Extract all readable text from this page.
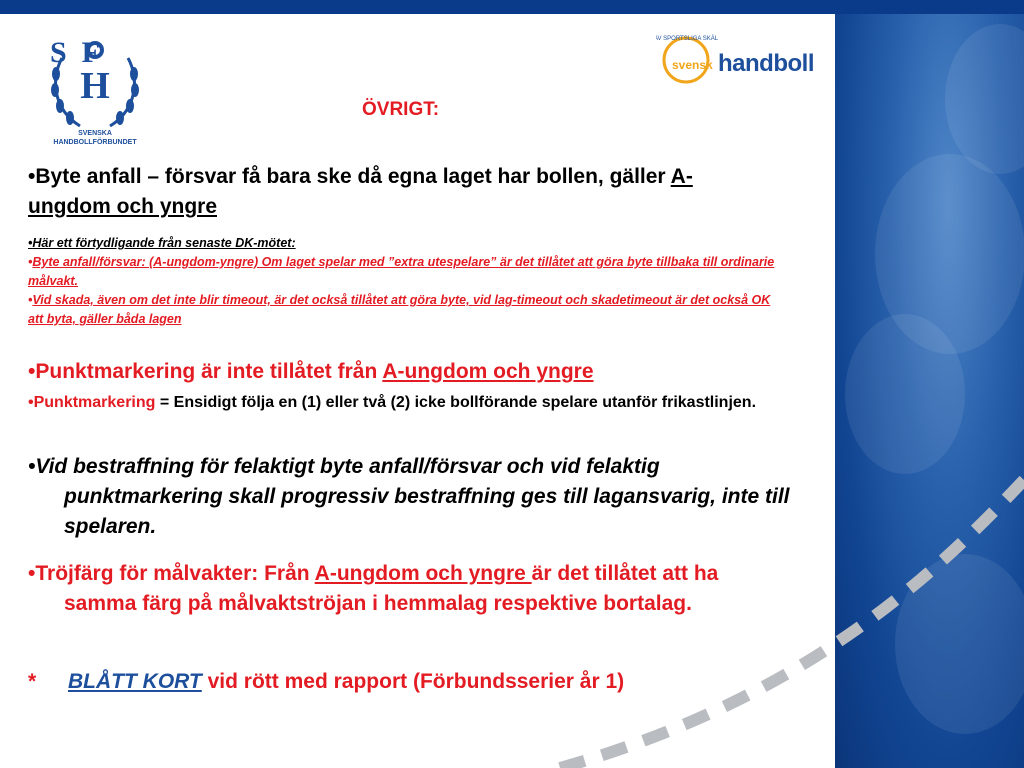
H
S  F
SVENSKA
HANDBOLLFÖRBUNDET
AV SPORTSLIGA SKÄL
svensk handboll
ÖVRIGT:

•Byte anfall – försvar få bara ske då egna laget har bollen, gäller A-ungdom och yngre

•Här ett förtydligande från senaste DK-mötet:

•Byte anfall/försvar: (A-ungdom-yngre) Om laget spelar med ”extra utespelare” är det tillåtet att göra byte tillbaka till ordinarie målvakt.

•Vid skada, även om det inte blir timeout, är det också tillåtet att göra byte, vid lag-timeout och skadetimeout är det också OK att byta, gäller båda lagen

•Punktmarkering är inte tillåtet från A-ungdom och yngre

•Punktmarkering = Ensidigt följa en (1) eller två (2) icke bollförande spelare utanför frikastlinjen.

•Vid bestraffning för felaktigt byte anfall/försvar och vid felaktig punktmarkering skall progressiv bestraffning ges till lagansvarig, inte till spelaren.

•Tröjfärg för målvakter: Från A-ungdom och yngre är det tillåtet att ha samma färg på målvaktströjan i hemmalag respektive bortalag.

* BLÅTT KORT vid rött med rapport (Förbundsserier år 1)
